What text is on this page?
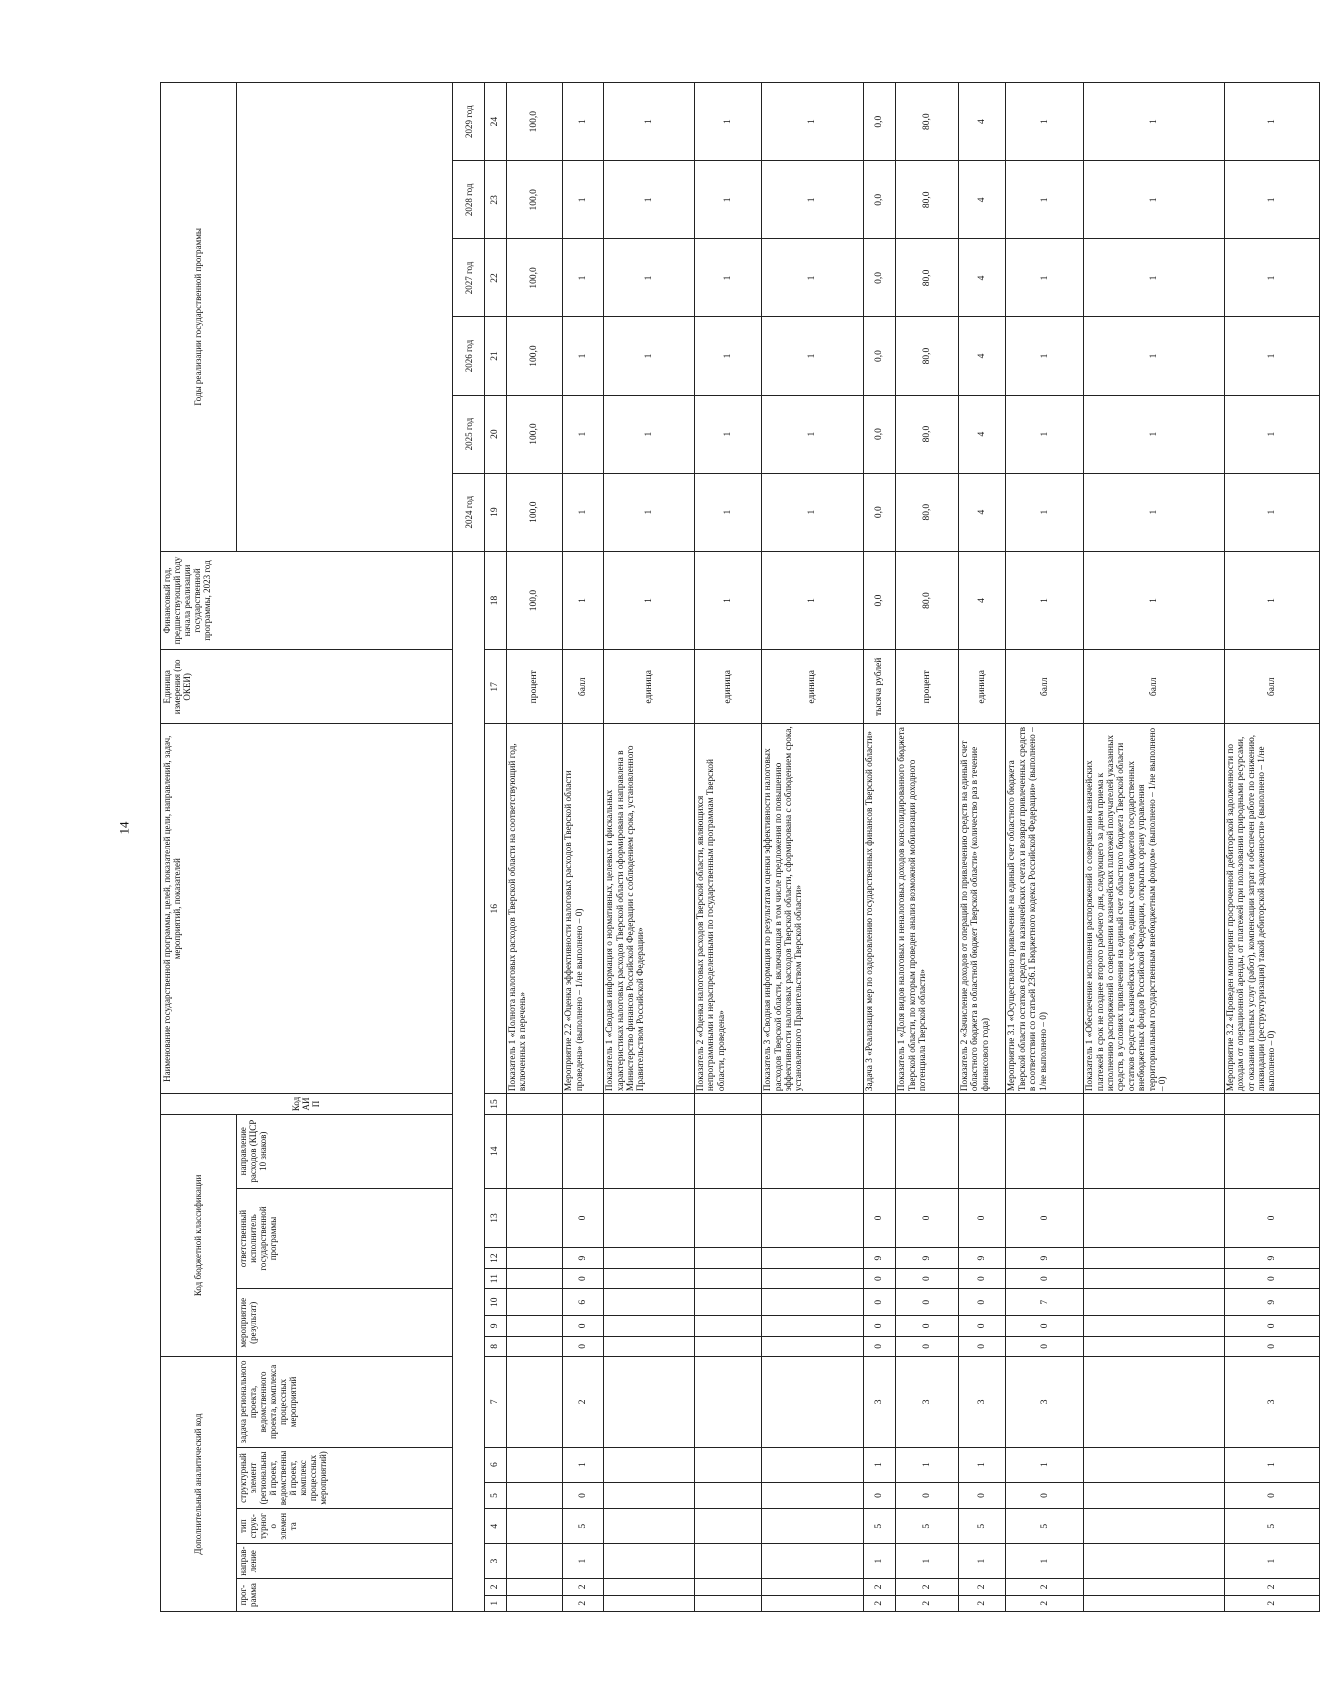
14
Дополнительный аналитический код							Код бюджетной классификации							Код АИП	Наименование государственной программы, целей, показателей цели, направлений, задач, мероприятий, показателей	Единица измерения (по ОКЕИ)	Финансовый год, предшествующий году начала реализации государственной программы, 2023 год	Годы реализации государственной программы					
прог-рамма		направ-ление	тип струк-турного элемента	структурный элемент (региональный проект, ведомственный проект, комплекс процессных мероприятий)		задача регионального проекта, ведомственного проекта, комплекса процессных мероприятий	мероприятие (результат)			ответственный исполнитель государственной программы			направление расходов (КЦСР 10 знаков)										

																		2024 год	2025 год	2026 год	2027 год	2028 год	2029 год
1	2	3	4	5	6	7	8	9	10	11	12	13	14	15	16	17	18	19	20	21	22	23	24
															Показатель 1 «Полнота налоговых расходов Тверской области на соответствующий год, включенных в перечень»	процент	100,0	100,0	100,0	100,0	100,0	100,0	100,0
2	2	1	5	0	1	2	0	0	6	0	9	0			Мероприятие 2.2 «Оценка эффективности налоговых расходов Тверской области проведена» (выполнено – 1/не выполнено – 0)	балл	1	1	1	1	1	1	1
															Показатель 1 «Сводная информация о нормативных, целевых и фискальных характеристиках налоговых расходов Тверской области оформирована и направлена в Министерство финансов Российской Федерации с соблюдением срока, установленного Правительством Российской Федерации»	единица	1	1	1	1	1	1	1
															Показатель 2 «Оценка налоговых расходов Тверской области, являющихся непрограммными и нераспределенными по государственным программам Тверской области, проведена»	единица	1	1	1	1	1	1	1
															Показатель 3 «Сводная информация по результатам оценки эффективности налоговых расходов Тверской области, включающая в том числе предложения по повышению эффективности налоговых расходов Тверской области, сформирована с соблюдением срока, установленного Правительством Тверской области»	единица	1	1	1	1	1	1	1
2	2	1	5	0	1	3	0	0	0	0	9	0			Задача 3 «Реализация мер по оздоровлению государственных финансов Тверской области»	тысяча рублей	0,0	0,0	0,0	0,0	0,0	0,0	0,0
2	2	1	5	0	1	3	0	0	0	0	9	0			Показатель 1 «Доля видов налоговых и неналоговых доходов консолидированного бюджета Тверской области, по которым проведен анализ возможной мобилизации доходного потенциала Тверской области»	процент	80,0	80,0	80,0	80,0	80,0	80,0	80,0
2	2	1	5	0	1	3	0	0	0	0	9	0			Показатель 2 «Зачисление доходов от операций по привлечению средств на единый счет областного бюджета в областной бюджет Тверской области» (количество раз в течение финансового года)	единица	4	4	4	4	4	4	4
2	2	1	5	0	1	3	0	0	7	0	9	0			Мероприятие 3.1 «Осуществлено привлечение на единый счет областного бюджета Тверской области остатков средств на казначейских счетах и возврат привлеченных средств в соответствии со статьей 236.1 Бюджетного кодекса Российской Федерации» (выполнено – 1/не выполнено – 0)	балл	1	1	1	1	1	1	1
															Показатель 1 «Обеспечение исполнения распоряжений о совершении казначейских платежей в срок не позднее второго рабочего дня, следующего за днем приема к исполнению распоряжений о совершении казначейских платежей получателей указанных средств, в условиях привлечения на единый счет областного бюджета Тверской области остатков средств с казначейских счетов, единых счетов бюджетов государственных внебюджетных фондов Российской Федерации, открытых органу управления территориальным государственным внебюджетным фондом» (выполнено – 1/не выполнено – 0)	балл	1	1	1	1	1	1	1
2	2	1	5	0	1	3	0	0	9	0	9	0			Мероприятие 3.2 «Проведен мониторинг просроченной дебиторской задолженности по доходам от операционной аренды, от платежей при пользовании природными ресурсами, от оказания платных услуг (работ), компенсации затрат и обеспечен работе по снижению, ликвидации (реструктуризация) такой дебиторской задолженности» (выполнено – 1/не выполнено – 0)	балл	1	1	1	1	1	1	1
